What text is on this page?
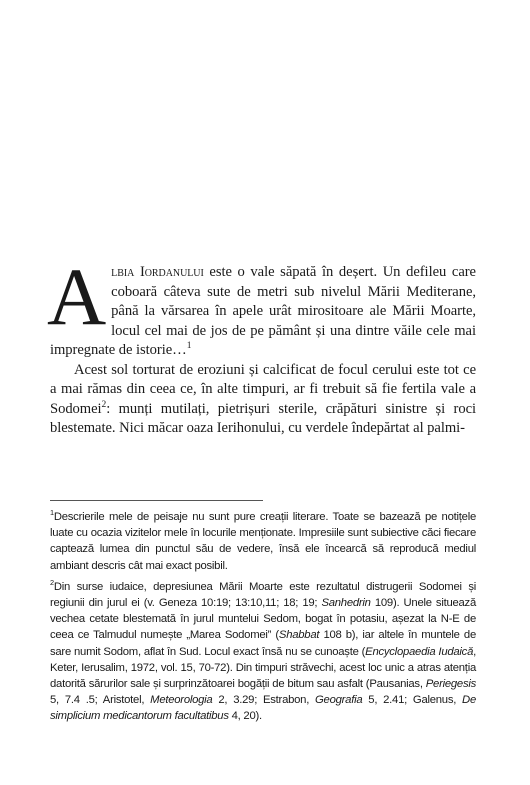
Albia Iordanului este o vale săpată în deșert. Un defileu care coboară câteva sute de metri sub nivelul Mării Mediterane, până la vărsarea în apele urât mirositoare ale Mării Moarte, locul cel mai de jos de pe pământ și una dintre văile cele mai impregnate de istorie…$^1$

Acest sol torturat de eroziuni și calcificat de focul cerului este tot ce a mai rămas din ceea ce, în alte timpuri, ar fi trebuit să fie fertila vale a Sodomei$^2$: munți mutilați, pietrișuri sterile, crăpături sinistre și roci blestemate. Nici măcar oaza Ierihonului, cu verdele îndepărtat al palmi-

$^1$Descrierile mele de peisaje nu sunt pure creații literare. Toate se bazează pe notițele luate cu ocazia vizitelor mele în locurile menționate. Impresiile sunt subiective căci fiecare captează lumea din punctul său de vedere, însă ele încearcă să reproducă mediul ambiant descris cât mai exact posibil.

$^2$Din surse iudaice, depresiunea Mării Moarte este rezultatul distrugerii Sodomei și regiunii din jurul ei (v. Geneza 10:19; 13:10,11; 18; 19; Sanhedrin 109). Unele situează vechea cetate blestemată în jurul muntelui Sedom, bogat în potasiu, așezat la N-E de ceea ce Talmudul numește „Marea Sodomei” (Shabbat 108 b), iar altele în muntele de sare numit Sodom, aflat în Sud. Locul exact însă nu se cunoaște (Encyclopaedia Iudaică, Keter, Ierusalim, 1972, vol. 15, 70-72). Din timpuri străvechi, acest loc unic a atras atenția datorită sărurilor sale și surprinzătoarei bogății de bitum sau asfalt (Pausanias, Periegesis 5, 7.4 .5; Aristotel, Meteorologia 2, 3.29; Estrabon, Geografia 5, 2.41; Galenus, De simplicium medicantorum facultatibus 4, 20).
